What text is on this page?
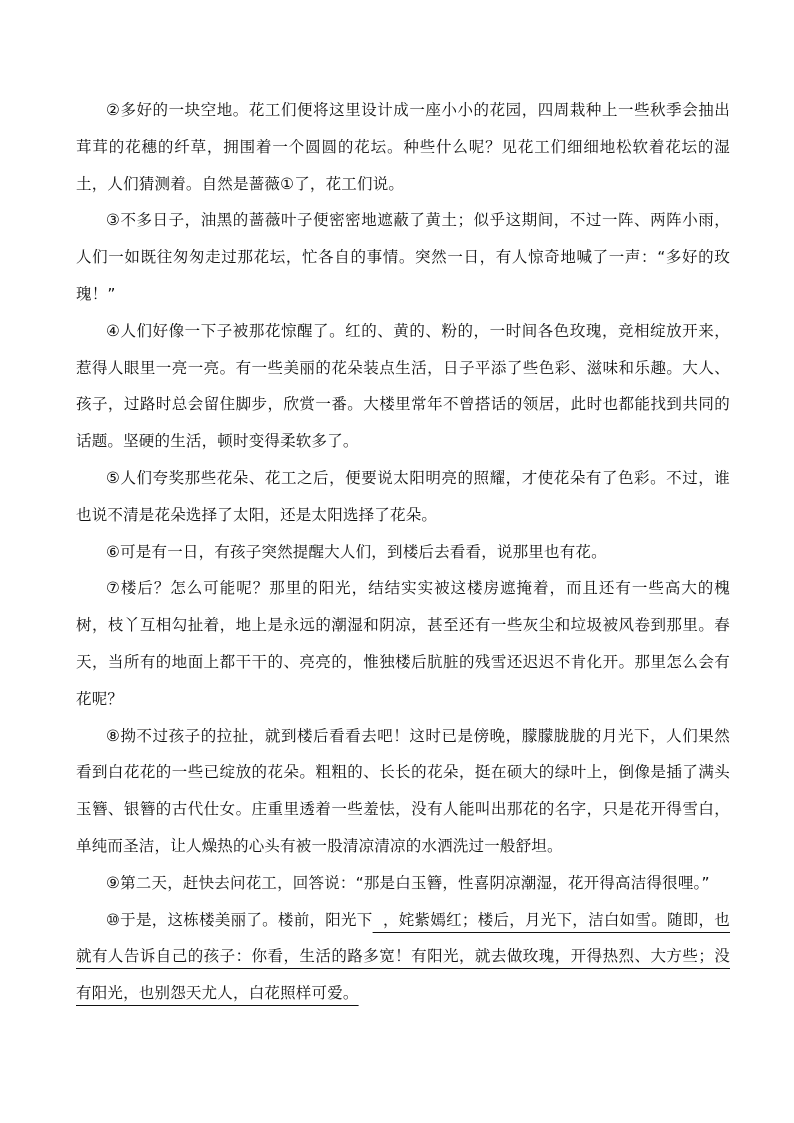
②多好的一块空地。花工们便将这里设计成一座小小的花园，四周栽种上一些秋季会抽出茸茸的花穗的纤草，拥围着一个圆圆的花坛。种些什么呢？见花工们细细地松软着花坛的湿土，人们猜测着。自然是蔷薇①了，花工们说。

③不多日子，油黑的蔷薇叶子便密密地遮蔽了黄土；似乎这期间，不过一阵、两阵小雨，人们一如既往匆匆走过那花坛，忙各自的事情。突然一日，有人惊奇地喊了一声：“多好的玫瑰！”

④人们好像一下子被那花惊醒了。红的、黄的、粉的，一时间各色玫瑰，竞相绽放开来，惹得人眼里一亮一亮。有一些美丽的花朵装点生活，日子平添了些色彩、滋味和乐趣。大人、孩子，过路时总会留住脚步，欣赏一番。大楼里常年不曾搭话的领居，此时也都能找到共同的话题。坚硬的生活，顿时变得柔软多了。

⑤人们夸奖那些花朵、花工之后，便要说太阳明亮的照耀，才使花朵有了色彩。不过，谁也说不清是花朵选择了太阳，还是太阳选择了花朵。

⑥可是有一日，有孩子突然提醒大人们，到楼后去看看，说那里也有花。

⑦楼后？怎么可能呢？那里的阳光，结结实实被这楼房遮掩着，而且还有一些高大的槐树，枝丫互相勾扯着，地上是永远的潮湿和阴凉，甚至还有一些灰尘和垃圾被风卷到那里。春天，当所有的地面上都干干的、亮亮的，惟独楼后肮脏的残雪还迟迟不肯化开。那里怎么会有花呢？

⑧拗不过孩子的拉扯，就到楼后看看去吧！这时已是傍晚，朦朦胧胧的月光下，人们果然看到白花花的一些已绽放的花朵。粗粗的、长长的花朵，挺在硕大的绿叶上，倒像是插了满头玉簪、银簪的古代仕女。庄重里透着一些羞怯，没有人能叫出那花的名字，只是花开得雪白，单纯而圣洁，让人燥热的心头有被一股清凉清凉的水洒洗过一般舒坦。

⑨第二天，赶快去问花工，回答说：“那是白玉簪，性喜阴凉潮湿，花开得高洁得很哩。”

⑩于是，这栋楼美丽了。楼前，阳光下  ，姹紫嫣红；楼后，月光下，洁白如雪。随即，也就有人告诉自己的孩子：你看，生活的路多宽！有阳光，就去做玫瑰，开得热烈、大方些；没有阳光，也别怨天尤人，白花照样可爱。
